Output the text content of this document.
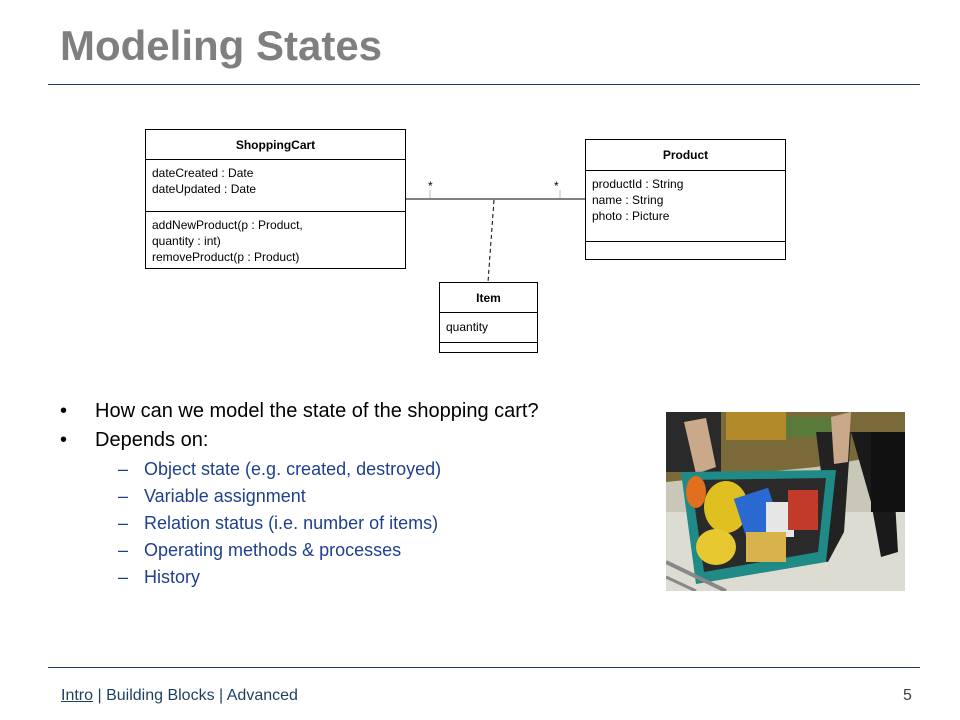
Modeling States
ShoppingCart
dateCreated : Date
dateUpdated : Date
addNewProduct(p : Product,
quantity : int)
removeProduct(p : Product)
Product
productId : String
name : String
photo : Picture
Item
quantity
*	*
• How can we model the state of the shopping cart?
• Depends on:
– Object state (e.g. created, destroyed)
– Variable assignment
– Relation status (i.e. number of items)
– Operating methods & processes
– History
Intro | Building Blocks | Advanced	5
